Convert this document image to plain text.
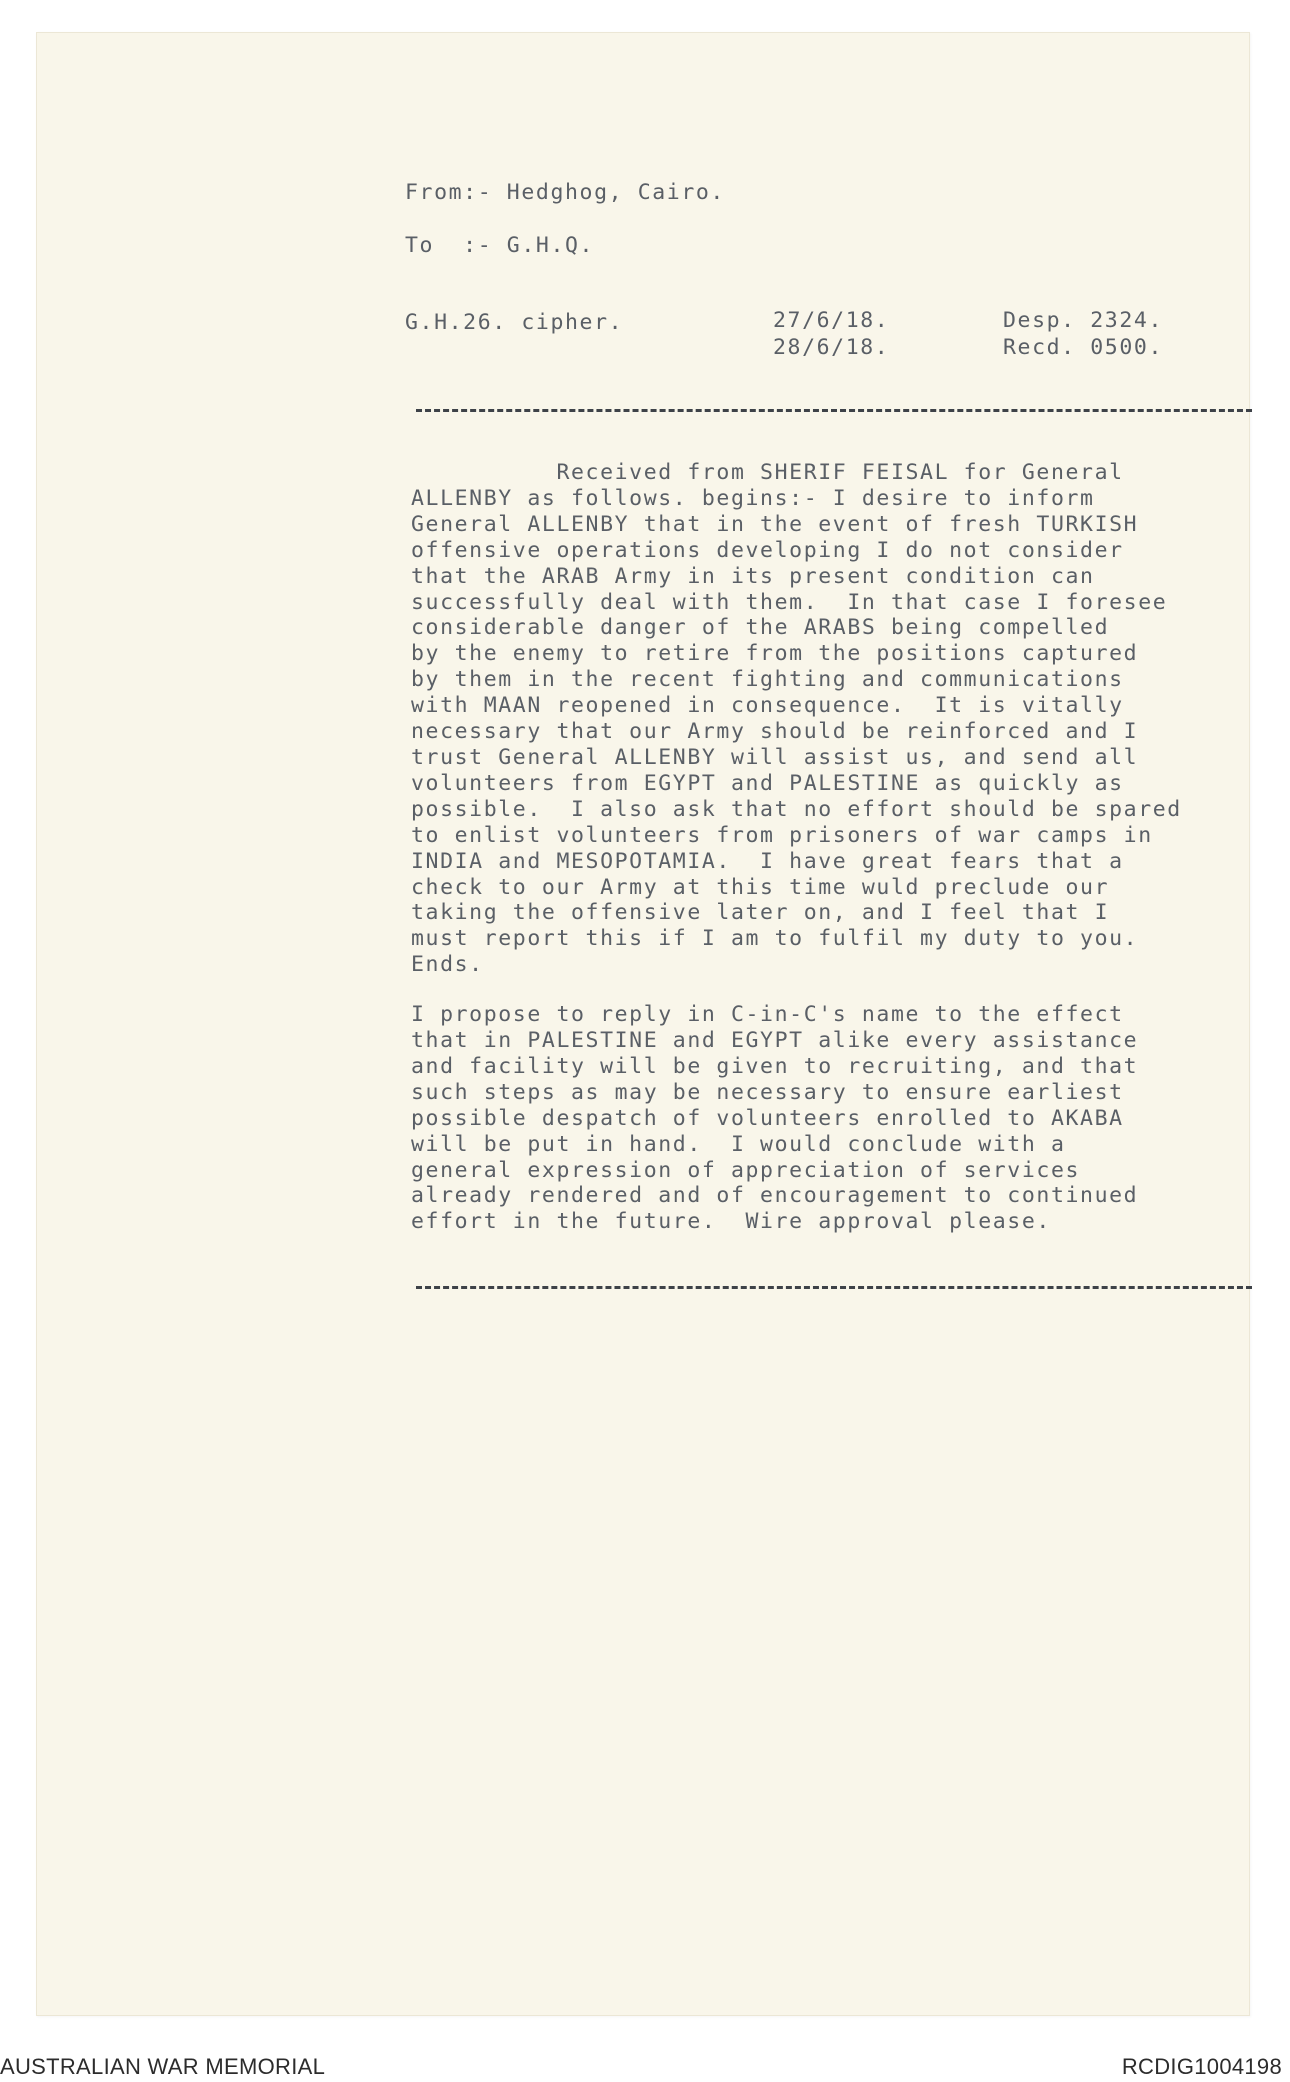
From:- Hedghog, Cairo.
To  :- G.H.Q.
G.H.26. cipher.	27/6/18.
28/6/18.
Desp. 2324.
Recd. 0500.

Received from SHERIF FEISAL for General

ALLENBY as follows. begins:- I desire to inform

General ALLENBY that in the event of fresh TURKISH

offensive operations developing I do not consider

that the ARAB Army in its present condition can

successfully deal with them.  In that case I foresee

considerable danger of the ARABS being compelled

by the enemy to retire from the positions captured

by them in the recent fighting and communications

with MAAN reopened in consequence.  It is vitally

necessary that our Army should be reinforced and I

trust General ALLENBY will assist us, and send all

volunteers from EGYPT and PALESTINE as quickly as

possible.  I also ask that no effort should be spared

to enlist volunteers from prisoners of war camps in

INDIA and MESOPOTAMIA.  I have great fears that a

check to our Army at this time wuld preclude our

taking the offensive later on, and I feel that I

must report this if I am to fulfil my duty to you.

Ends.

I propose to reply in C-in-C's name to the effect

that in PALESTINE and EGYPT alike every assistance

and facility will be given to recruiting, and that

such steps as may be necessary to ensure earliest

possible despatch of volunteers enrolled to AKABA

will be put in hand.  I would conclude with a

general expression of appreciation of services

already rendered and of encouragement to continued

effort in the future.  Wire approval please.

AUSTRALIAN WAR MEMORIAL	RCDIG1004198
